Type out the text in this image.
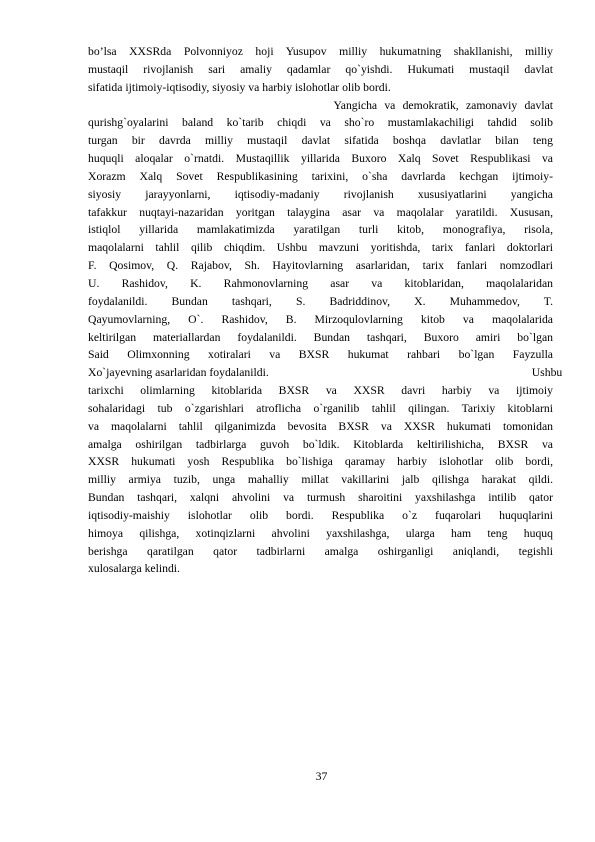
bo’lsa XXSRda Polvonniyoz hoji Yusupov milliy hukumatning shakllanishi, milliy
mustaqil rivojlanish sari amaliy qadamlar qo`yishdi. Hukumati mustaqil davlat
sifatida ijtimoiy-iqtisodiy, siyosiy va harbiy islohotlar olib bordi.
Yangicha va demokratik, zamonaviy davlat
qurishg`oyalarini baland ko`tarib chiqdi va sho`ro mustamlakachiligi tahdid solib
turgan bir davrda milliy mustaqil davlat sifatida boshqa davlatlar bilan teng
huquqli aloqalar o`rnatdi. Mustaqillik yillarida Buxoro Xalq Sovet Respublikasi va
Xorazm Xalq Sovet Respublikasining tarixini, o`sha davrlarda kechgan ijtimoiy-
siyosiy jarayyonlarni, iqtisodiy-madaniy rivojlanish xususiyatlarini yangicha
tafakkur nuqtayi-nazaridan yoritgan talaygina asar va maqolalar yaratildi. Xususan,
istiqlol yillarida mamlakatimizda yaratilgan turli kitob, monografiya, risola,
maqolalarni tahlil qilib chiqdim. Ushbu mavzuni yoritishda, tarix fanlari doktorlari
F. Qosimov, Q. Rajabov, Sh. Hayitovlarning asarlaridan, tarix fanlari nomzodlari
U. Rashidov, K. Rahmonovlarning asar va kitoblaridan, maqolalaridan
foydalanildi. Bundan tashqari, S. Badriddinov, X. Muhammedov, T.
Qayumovlarning, O`. Rashidov, B. Mirzoqulovlarning kitob va maqolalarida
keltirilgan materiallardan foydalanildi. Bundan tashqari, Buxoro amiri bo`lgan
Said Olimxonning xotiralari va BXSR hukumat rahbari bo`lgan Fayzulla
Xo`jayevning asarlaridan foydalanildi.                                                                                          Ushbu
tarixchi olimlarning kitoblarida BXSR va XXSR davri harbiy va ijtimoiy
sohalaridagi tub o`zgarishlari atroflicha o`rganilib tahlil qilingan. Tarixiy kitoblarni
va maqolalarni tahlil qilganimizda bevosita BXSR va XXSR hukumati tomonidan
amalga oshirilgan tadbirlarga guvoh bo`ldik. Kitoblarda keltirilishicha, BXSR va
XXSR hukumati yosh Respublika bo`lishiga qaramay harbiy islohotlar olib bordi,
milliy armiya tuzib, unga mahalliy millat vakillarini jalb qilishga harakat qildi.
Bundan tashqari, xalqni ahvolini va turmush sharoitini yaxshilashga intilib qator
iqtisodiy-maishiy islohotlar olib bordi. Respublika o`z fuqarolari huquqlarini
himoya qilishga, xotinqizlarni ahvolini yaxshilashga, ularga ham teng huquq
berishga qaratilgan qator tadbirlarni amalga oshirganligi aniqlandi, tegishli
xulosalarga kelindi.
37
